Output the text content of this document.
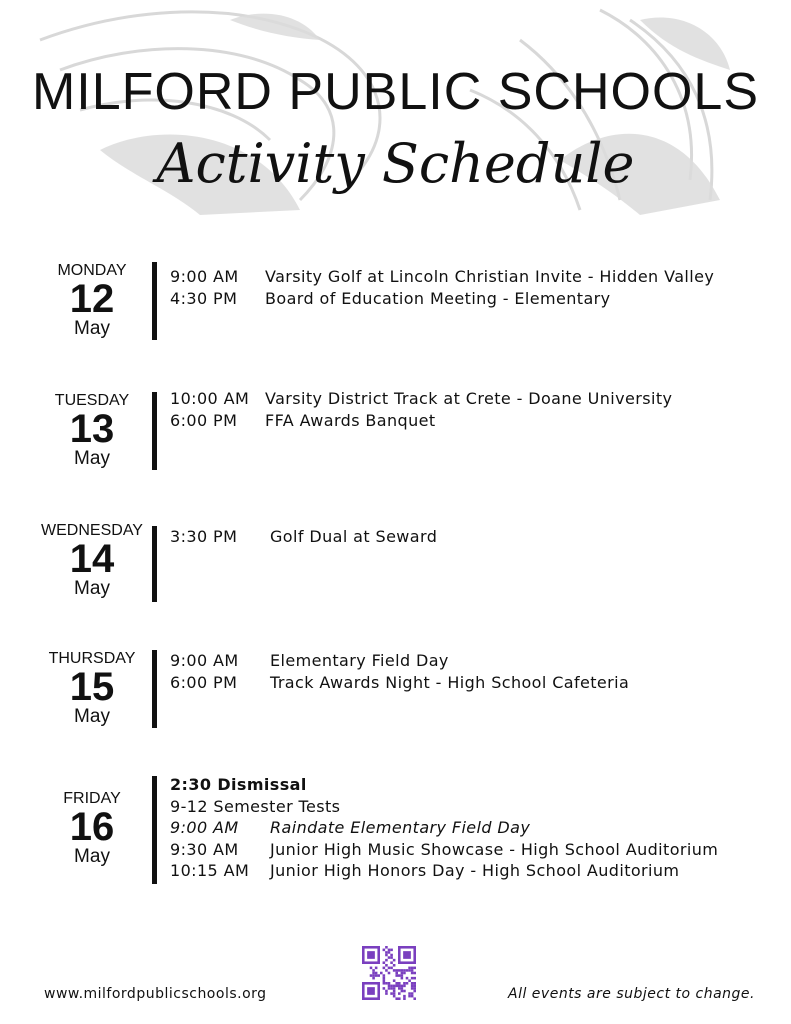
MILFORD PUBLIC SCHOOLS
Activity Schedule
MONDAY
12
May
9:00 AM Varsity Golf at Lincoln Christian Invite - Hidden Valley
4:30 PM Board of Education Meeting - Elementary
TUESDAY
13
May
10:00 AM Varsity District Track at Crete - Doane University
6:00 PM FFA Awards Banquet
WEDNESDAY
14
May
3:30 PM Golf Dual at Seward
THURSDAY
15
May
9:00 AM Elementary Field Day
6:00 PM Track Awards Night - High School Cafeteria
FRIDAY
16
May
2:30 Dismissal
9-12 Semester Tests
9:00 AM Raindate Elementary Field Day
9:30 AM Junior High Music Showcase - High School Auditorium
10:15 AM Junior High Honors Day - High School Auditorium
www.milfordpublicschools.org	All events are subject to change.
